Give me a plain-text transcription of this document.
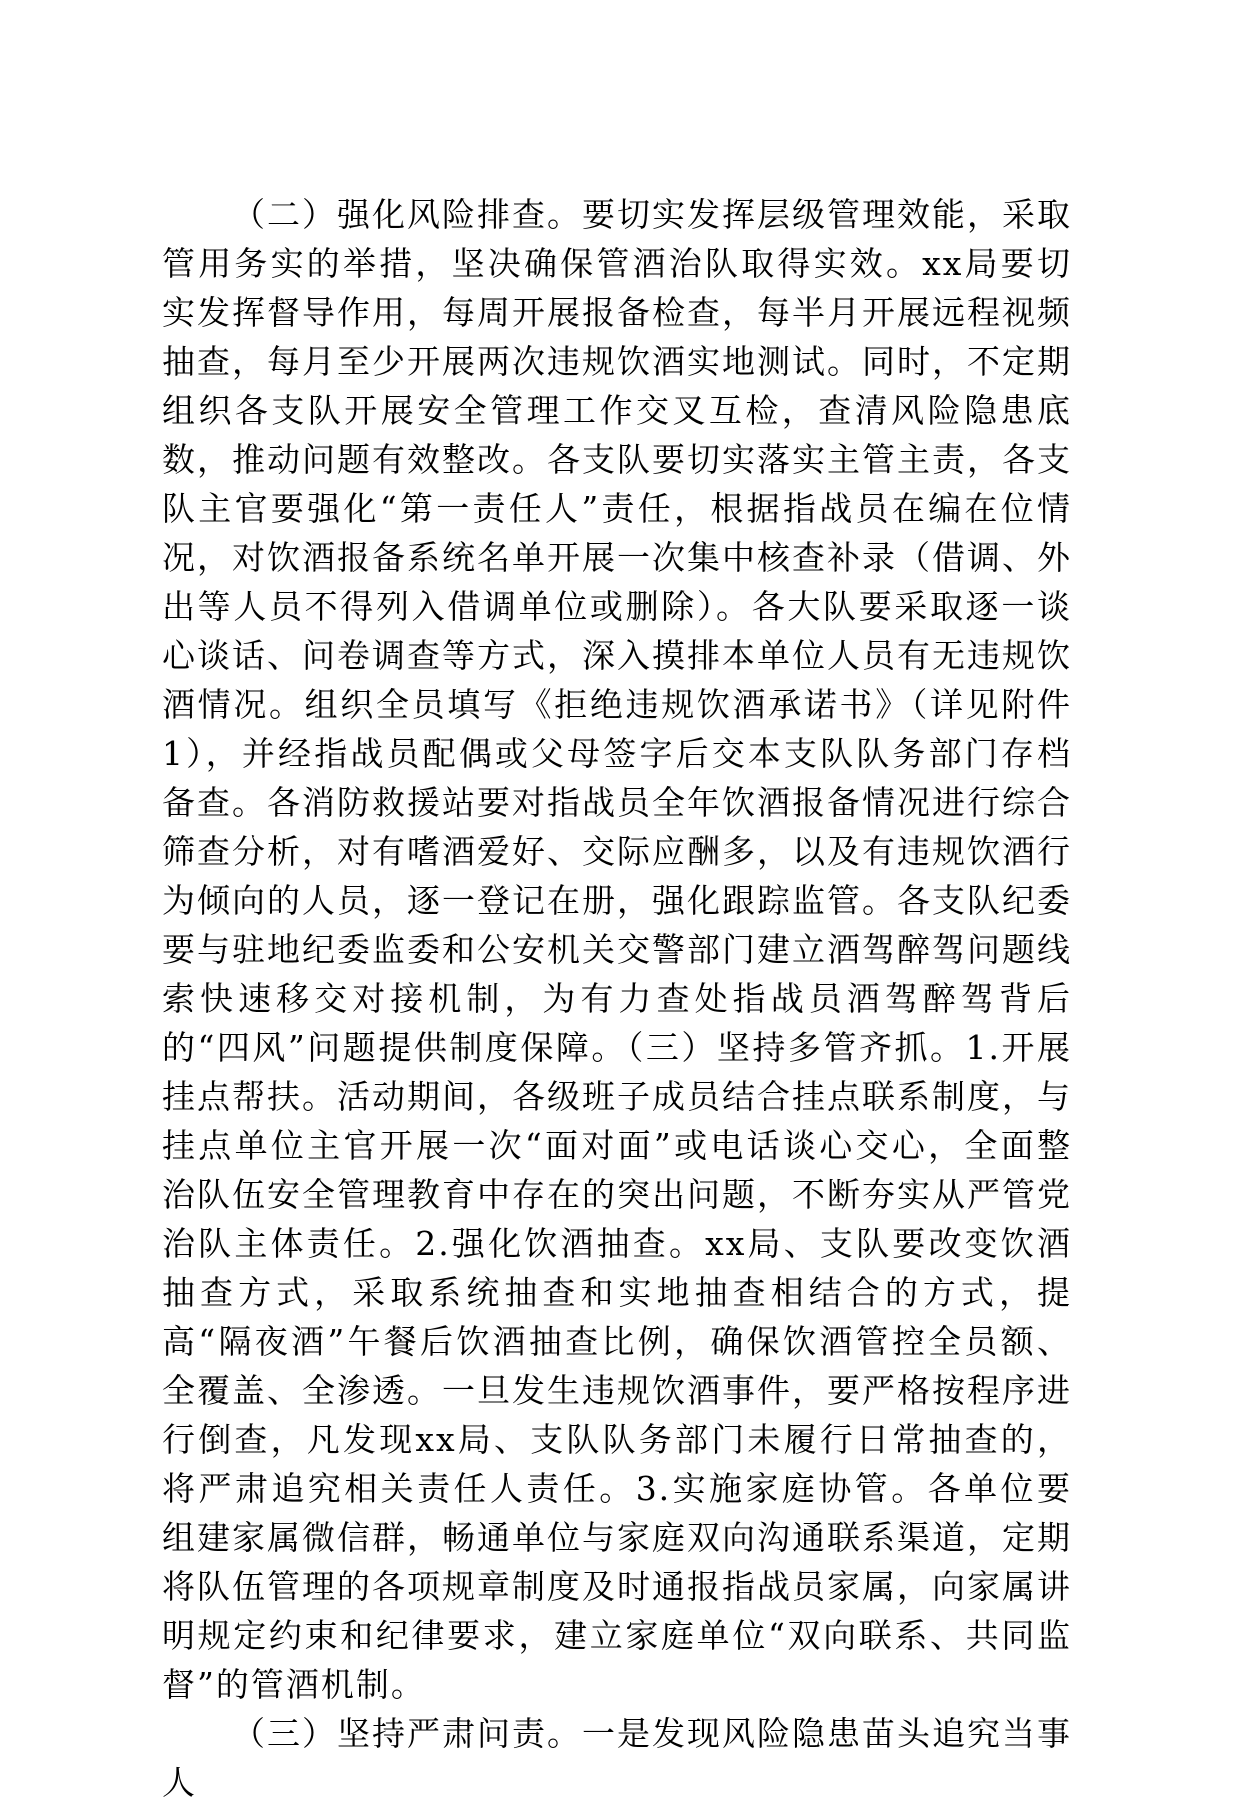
（二）强化风险排查。要切实发挥层级管理效能，采取管用务实的举措，坚决确保管酒治队取得实效。xx局要切实发挥督导作用，每周开展报备检查，每半月开展远程视频抽查，每月至少开展两次违规饮酒实地测试。同时，不定期组织各支队开展安全管理工作交叉互检，查清风险隐患底数，推动问题有效整改。各支队要切实落实主管主责，各支队主官要强化“第一责任人”责任，根据指战员在编在位情况，对饮酒报备系统名单开展一次集中核查补录（借调、外出等人员不得列入借调单位或删除）。各大队要采取逐一谈心谈话、问卷调查等方式，深入摸排本单位人员有无违规饮酒情况。组织全员填写《拒绝违规饮酒承诺书》（详见附件1），并经指战员配偶或父母签字后交本支队队务部门存档备查。各消防救援站要对指战员全年饮酒报备情况进行综合筛查分析，对有嗜酒爱好、交际应酬多，以及有违规饮酒行为倾向的人员，逐一登记在册，强化跟踪监管。各支队纪委要与驻地纪委监委和公安机关交警部门建立酒驾醉驾问题线索快速移交对接机制，为有力查处指战员酒驾醉驾背后的“四风”问题提供制度保障。（三）坚持多管齐抓。1.开展挂点帮扶。活动期间，各级班子成员结合挂点联系制度，与挂点单位主官开展一次“面对面”或电话谈心交心，全面整治队伍安全管理教育中存在的突出问题，不断夯实从严管党治队主体责任。2.强化饮酒抽查。xx局、支队要改变饮酒抽查方式，采取系统抽查和实地抽查相结合的方式，提高“隔夜酒”午餐后饮酒抽查比例，确保饮酒管控全员额、全覆盖、全渗透。一旦发生违规饮酒事件，要严格按程序进行倒查，凡发现xx局、支队队务部门未履行日常抽查的，将严肃追究相关责任人责任。3.实施家庭协管。各单位要组建家属微信群，畅通单位与家庭双向沟通联系渠道，定期将队伍管理的各项规章制度及时通报指战员家属，向家属讲明规定约束和纪律要求，建立家庭单位“双向联系、共同监督”的管酒机制。

（三）坚持严肃问责。一是发现风险隐患苗头追究当事人
